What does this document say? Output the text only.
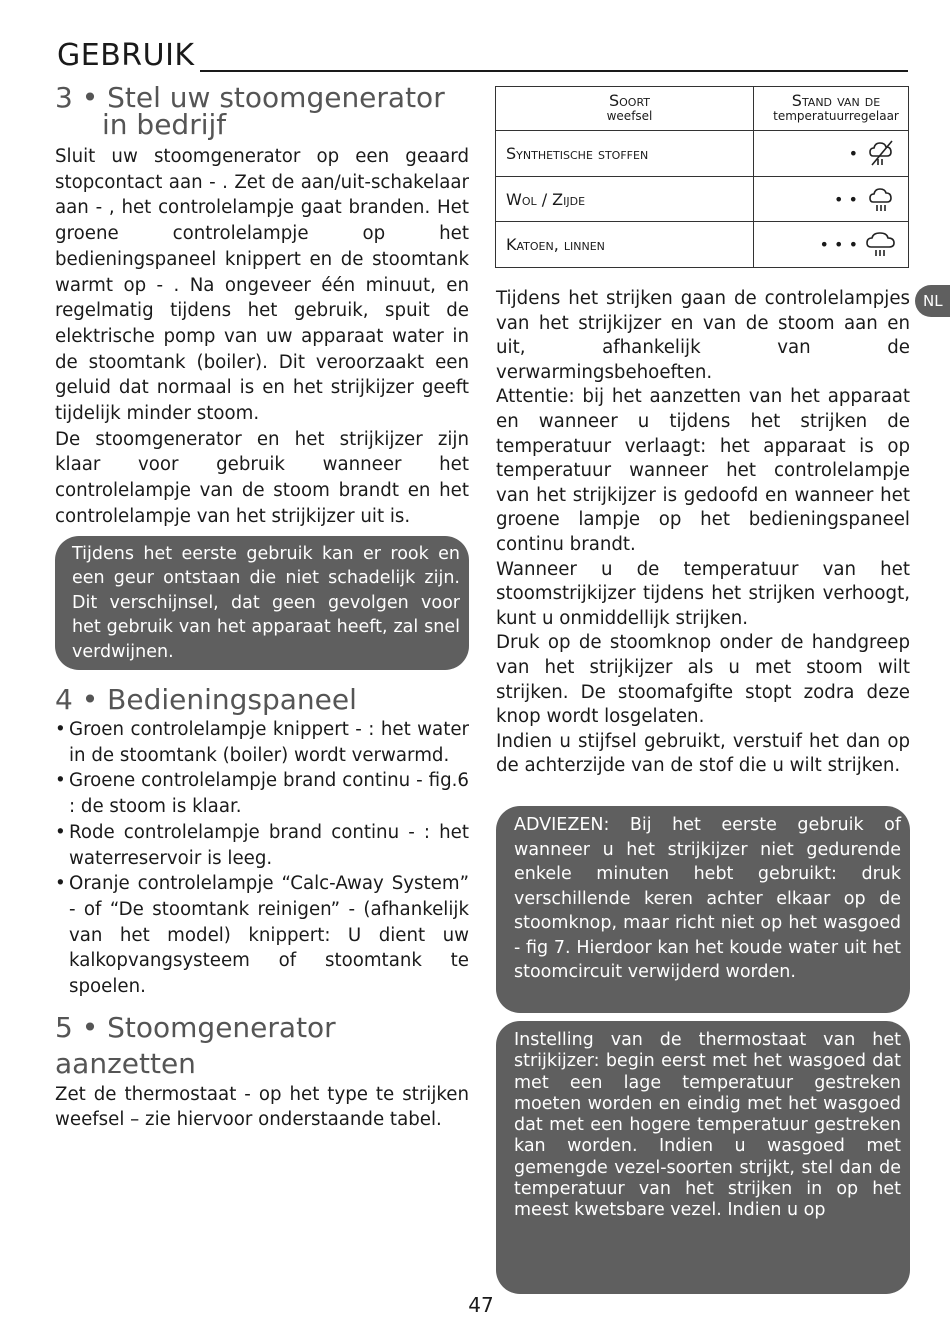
GEBRUIK
3 • Stel uw stoomgenerator
in bedrijf

Sluit uw stoomgenerator op een geaard stopcontact aan - . Zet de aan/uit-schakelaar aan - , het controlelampje gaat branden. Het groene controlelampje op het bedieningspaneel knippert en de stoomtank warmt op - . Na ongeveer één minuut, en regelmatig tijdens het gebruik, spuit de elektrische pomp van uw apparaat water in de stoomtank (boiler). Dit veroorzaakt een geluid dat normaal is en het strijkijzer geeft tijdelijk minder stoom.

De stoomgenerator en het strijkijzer zijn klaar voor gebruik wanneer het controlelampje van de stoom brandt en het controlelampje van het strijkijzer uit is.

Tijdens het eerste gebruik kan er rook en een geur ontstaan die niet schadelijk zijn. Dit verschijnsel, dat geen gevolgen voor het gebruik van het apparaat heeft, zal snel verdwijnen.

4 • Bedieningspaneel
• Groen controlelampje knippert - : het water in de stoomtank (boiler) wordt verwarmd.
• Groene controlelampje brand continu - fig.6 : de stoom is klaar.
• Rode controlelampje brand continu - : het waterreservoir is leeg.
• Oranje controlelampje “Calc-Away System” - of “De stoomtank reinigen” - (afhankelijk van het model) knippert: U dient uw kalkopvangsysteem of stoomtank te spoelen.
5 • Stoomgenerator
aanzetten

Zet de thermostaat - op het type te strijken weefsel – zie hiervoor onderstaande tabel.

Soort
weefsel	Stand van de
temperatuurregelaar
Synthetische stoffen	•

Wol / Zijde	• •

Katoen, linnen	• • •
NL

Tijdens het strijken gaan de controlelampjes van het strijkijzer en van de stoom aan en uit, afhankelijk van de verwarmingsbehoeften.

Attentie: bij het aanzetten van het apparaat en wanneer u tijdens het strijken de temperatuur verlaagt: het apparaat is op temperatuur wanneer het controlelampje van het strijkijzer is gedoofd en wanneer het groene lampje op het bedieningspaneel continu brandt.

Wanneer u de temperatuur van het stoomstrijkijzer tijdens het strijken verhoogt, kunt u onmiddellijk strijken.

Druk op de stoomknop onder de handgreep van het strijkijzer als u met stoom wilt strijken. De stoomafgifte stopt zodra deze knop wordt losgelaten.

Indien u stijfsel gebruikt, verstuif het dan op de achterzijde van de stof die u wilt strijken.

ADVIEZEN: Bij het eerste gebruik of wanneer u het strijkijzer niet gedurende enkele minuten hebt gebruikt: druk verschillende keren achter elkaar op de stoomknop, maar richt niet op het wasgoed - fig 7. Hierdoor kan het koude water uit het stoomcircuit verwijderd worden.

Instelling van de thermostaat van het strijkijzer: begin eerst met het wasgoed dat met een lage temperatuur gestreken moeten worden en eindig met het wasgoed dat met een hogere temperatuur gestreken kan worden. Indien u wasgoed met gemengde vezel-soorten strijkt, stel dan de temperatuur van het strijken in op het meest kwetsbare vezel. Indien u op

47
